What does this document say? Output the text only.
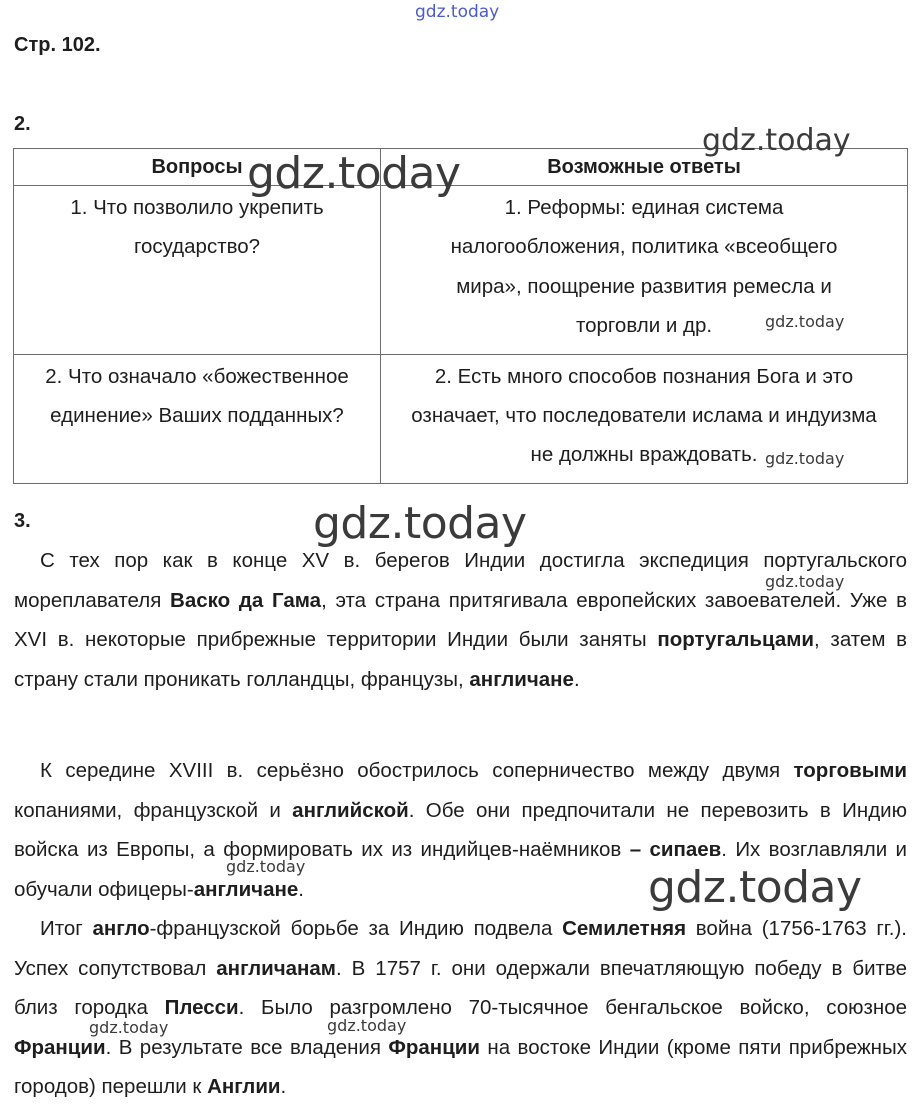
Стр. 102.
2.
Вопросы	Возможные ответы

1. Что позволило укрепить государство?	1. Реформы: единая система налогообложения, политика «всеобщего мира», поощрение развития ремесла и торговли и др.

2. Что означало «божественное единение» Ваших подданных?	2. Есть много способов познания Бога и это означает, что последователи ислама и индуизма не должны враждовать.

3.

С тех пор как в конце XV в. берегов Индии достигла экспедиция португальского мореплавателя Васко да Гама, эта страна притягивала европейских завоевателей. Уже в XVI в. некоторые прибрежные территории Индии были заняты португальцами, затем в страну стали проникать голландцы, французы, англичане.

К середине XVIII в. серьёзно обострилось соперничество между двумя торговыми копаниями, французской и английской. Обе они предпочитали не перевозить в Индию войска из Европы, а формировать их из индийцев-наёмников – сипаев. Их возглавляли и обучали офицеры-англичане.

Итог англо-французской борьбе за Индию подвела Семилетняя война (1756-1763 гг.). Успех сопутствовал англичанам. В 1757 г. они одержали впечатляющую победу в битве близ городка Плесси. Было разгромлено 70-тысячное бенгальское войско, союзное Франции. В результате все владения Франции на востоке Индии (кроме пяти прибрежных городов) перешли к Англии.

gdz.today
gdz.today
gdz.today
gdz.today
gdz.today
gdz.today
gdz.today
gdz.today	gdz.today
gdz.today	gdz.today
